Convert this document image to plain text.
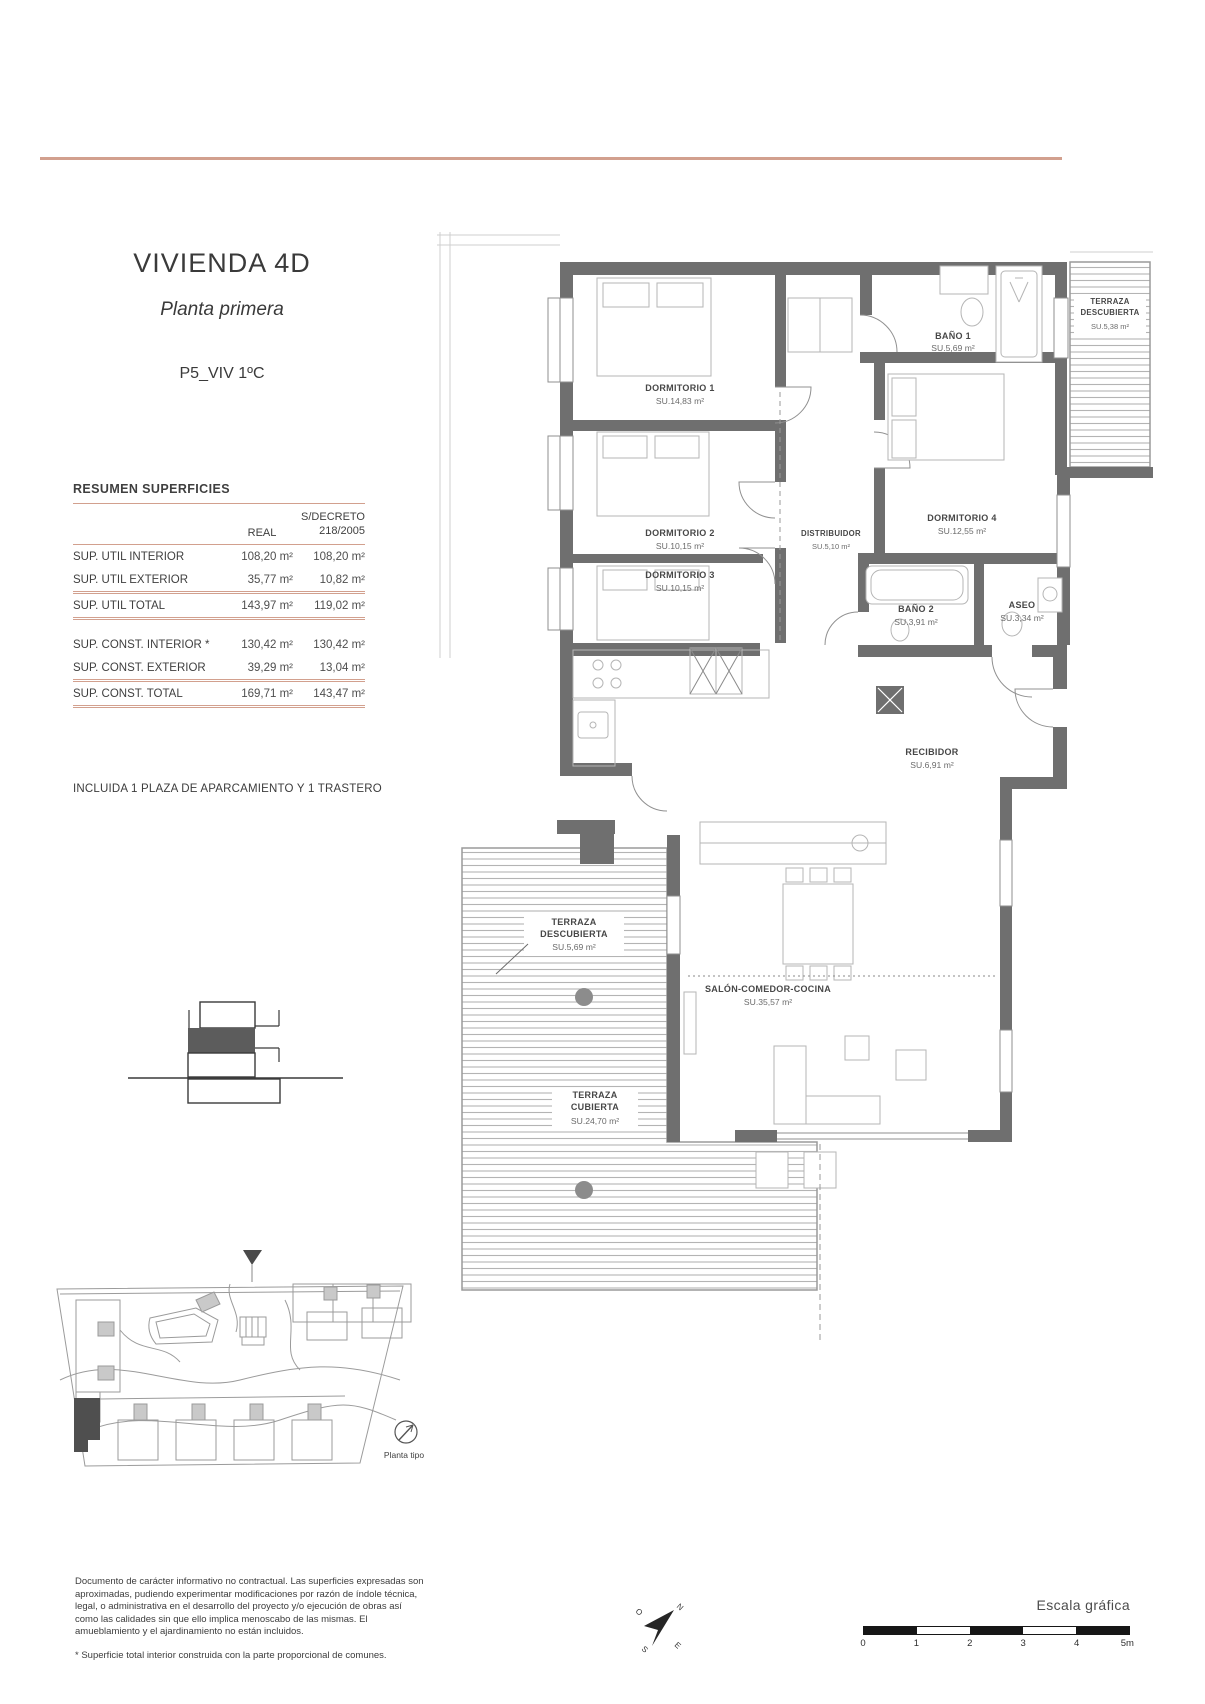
VIVIENDA 4D
Planta primera
P5_VIV 1ºC
RESUMEN SUPERFICIES
REAL
S/DECRETO
218/2005
SUP. UTIL INTERIOR	108,20 m²	108,20 m²
SUP. UTIL EXTERIOR	35,77 m²	10,82 m²
SUP. UTIL TOTAL	143,97 m²	119,02 m²
SUP. CONST. INTERIOR *	130,42 m²	130,42 m²
SUP. CONST. EXTERIOR	39,29 m²	13,04 m²
SUP. CONST. TOTAL	169,71 m²	143,47 m²
INCLUIDA 1 PLAZA DE APARCAMIENTO Y 1 TRASTERO
DORMITORIO 1
SU.14,83 m²
BAÑO 1
SU.5,69 m²
TERRAZA
DESCUBIERTA
SU.5,38 m²
DORMITORIO 2
SU.10,15 m²
DORMITORIO 3
SU.10,15 m²
DISTRIBUIDOR
SU.5,10 m²
DORMITORIO 4
SU.12,55 m²
BAÑO 2
SU.3,91 m²
ASEO
SU.3,34 m²
RECIBIDOR
SU.6,91 m²
TERRAZA
DESCUBIERTA
SU.5,69 m²
SALÓN-COMEDOR-COCINA
SU.35,57 m²
TERRAZA
CUBIERTA
SU.24,70 m²
Planta tipo
N
O
S	E
Escala gráfica
0	1	2	3	4	5m
Documento de carácter informativo no contractual. Las superficies expresadas son aproximadas, pudiendo experimentar modificaciones por razón de índole técnica, legal, o administrativa en el desarrollo del proyecto y/o ejecución de obras así como las calidades sin que ello implica menoscabo de las mismas. El amueblamiento y el ajardinamiento no están incluidos.
* Superficie total interior construida con la parte proporcional de comunes.
